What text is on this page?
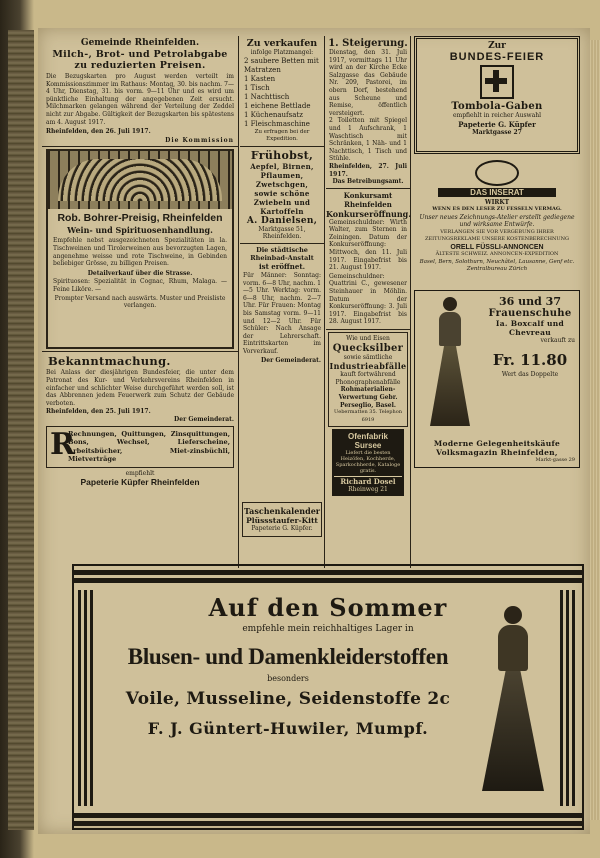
Gemeinde Rheinfelden.

Milch-, Brot- und Petrolabgabe zu reduzierten Preisen.

Die Bezugskarten pro August werden verteilt im Kommissionszimmer im Rathaus: Montag, 30. bis nachm. 7—4 Uhr, Dienstag, 31. bis vorm. 9—11 Uhr und es wird um pünktliche Einhaltung der angegebenen Zeit ersucht. Milchmarken gelangen während der Verteilung der Zeddel nicht zur Abgabe. Gültigkeit der Bezugskarten bis spätestens am 4. August 1917.

Rheinfelden, den 26. Juli 1917.

Die Kommission

Rob. Bohrer-Preisig, Rheinfelden

Wein- und Spirituosenhandlung.

Empfehle nebst ausgezeichneten Spezialitäten in la. Tischweinen und Tirolerweinen aus bevorzugten Lagen, angenehme weisse und rote Tischweine, in Gebinden beliebiger Grösse, zu billigen Preisen.

Detailverkauf über die Strasse.

Spirituosen: Spezialität in Cognac, Rhum, Malaga. — Feine Liköre. —

Prompter Versand nach auswärts. Muster und Preisliste verlangen.

Bekanntmachung.

Bei Anlass der diesjährigen Bundesfeier, die unter dem Patronat des Kur- und Verkehrsvereins Rheinfelden in einfacher und schlichter Weise durchgeführt werden soll, ist das Abbrennen jedem Feuerwerk zum Schutz der Gebäude verboten.

Rheinfelden, den 25. Juli 1917.

Der Gemeinderat.

R

Rechnungen, Quittungen, Zinsquittungen, Bons, Wechsel, Lieferscheine, Arbeitsbücher, Miet-zinsbüchli, Mietverträge

empfiehlt

Papeterie Küpfer Rheinfelden

Zu verkaufen

infolge Platzmangel:

2 saubere Betten mit Matratzen

1 Kasten

1 Tisch

1 Nachttisch

1 eichene Bettlade

1 Küchenaufsatz

1 Fleischmaschine

Zu erfragen bei der Expedition.

Frühobst,

Aepfel, Birnen, Pflaumen, Zwetschgen, sowie schöne Zwiebeln und Kartoffeln

A. Danielsen,

Marktgasse 51, Rheinfelden.

Die städtische Rheinbad-Anstalt

ist eröffnet.

Für Männer: Sonntag: vorm. 6—8 Uhr, nachm. 1—5 Uhr. Werktag: vorm. 6—8 Uhr, nachm. 2—7 Uhr. Für Frauen: Montag bis Samstag vorm. 9—11 und 12—2 Uhr. Für Schüler: Nach Ansage der Lehrerschaft. Eintrittskarten im Vorverkauf.

Der Gemeinderat.

Taschenkalender

Plüssstaufer-Kitt

Papeterie G. Küpfer.

1. Steigerung.

Dienstag, den 31. Juli 1917, vormittags 11 Uhr wird an der Kirche Ecke Salzgasse das Gebäude Nr. 209, Pastorei, im obern Dorf, bestehend aus Scheune und Remise, öffentlich versteigert.

2 Toiletten mit Spiegel und 1 Aufschrank, 1 Waschtisch mit Schränken, 1 Näh- und 1 Nachttisch, 1 Tisch und Stühle.

Rheinfelden, 27. Juli 1917.

Das Betreibungsamt.

Konkursamt Rheinfelden

Konkurseröffnung.

Gemeinschuldner: Wirth Walter, zum Sternen in Zeiningen. Datum der Konkurseröffnung: Mittwoch, den 11. Juli 1917. Eingabefrist bis 21. August 1917.

Gemeinschuldner: Quattrini C., gewesener Steinhauer in Möhlin. Datum der Konkurseröffnung: 3. Juli 1917. Eingabefrist bis 28. August 1917.

Wie und Eisen

Quecksilber

sowie sämtliche

Industrieabfälle

kauft fortwährend Phonographenabfälle

Rohmaterialien-Verwertung Gebr. Perseglio, Basel.

Uebermatten 35. Telephon 6919

Ofenfabrik Sursee
Liefert die besten Heizöfen, Kochherde, Sparkochherde, Kataloge gratis.
Richard Dosel
Rheinweg 21

Zur

BUNDES-FEIER

Tombola-Gaben

empfiehlt in reicher Auswahl

Papeterie G. Küpfer

Marktgasse 27

DAS INSERAT

WIRKT

WENN ES DEN LESER ZU FESSELN VERMAG.

Unser neues Zeichnungs-Atelier erstellt gediegene und wirksame Entwürfe.

VERLANGEN SIE VOR VERGEBUNG IHRER ZEITUNGSREKLAME UNSERE KOSTENBERECHNUNG

ORELL FÜSSLI-ANNONCEN

ÄLTESTE SCHWEIZ. ANNONCEN-EXPEDITION

Basel, Bern, Solothurn, Neuchâtel, Lausanne, Genf etc. Zentralbureau Zürich

36 und 37

Frauenschuhe

Ia. Boxcalf und Chevreau

verkauft zu

Fr. 11.80

Wert das Doppelte

Moderne Gelegenheitskäufe

Volksmagazin Rheinfelden,

Markt-gasse 29

Auf den Sommer

empfehle mein reichhaltiges Lager in

Blusen- und Damenkleiderstoffen

besonders

Voile, Musseline, Seidenstoffe 2c

F. J. Güntert-Huwiler, Mumpf.
